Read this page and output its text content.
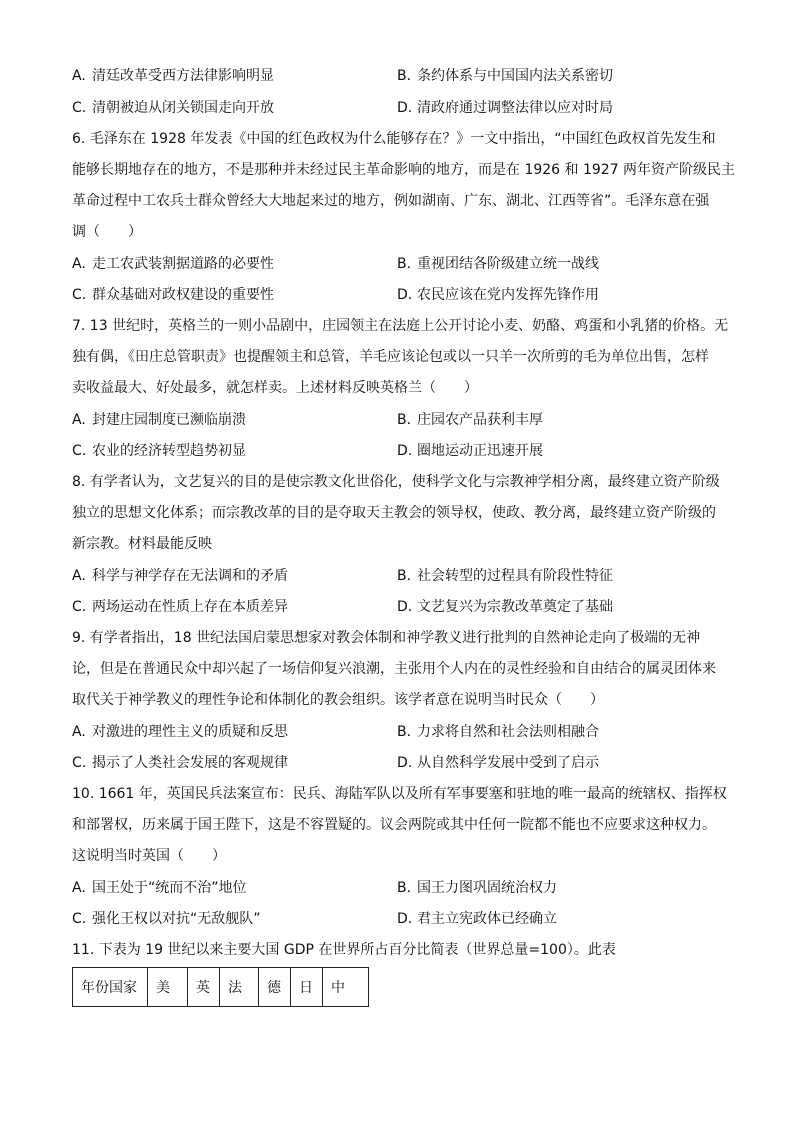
A. 清廷改革受西方法律影响明显	B. 条约体系与中国国内法关系密切
C. 清朝被迫从闭关锁国走向开放	D. 清政府通过调整法律以应对时局
6. 毛泽东在 1928 年发表《中国的红色政权为什么能够存在？》一文中指出，“中国红色政权首先发生和
能够长期地存在的地方，不是那种并未经过民主革命影响的地方，而是在 1926 和 1927 两年资产阶级民主
革命过程中工农兵士群众曾经大大地起来过的地方，例如湖南、广东、湖北、江西等省”。毛泽东意在强
调（　　）
A. 走工农武装割据道路的必要性	B. 重视团结各阶级建立统一战线
C. 群众基础对政权建设的重要性	D. 农民应该在党内发挥先锋作用
7. 13 世纪时，英格兰的一则小品剧中，庄园领主在法庭上公开讨论小麦、奶酪、鸡蛋和小乳猪的价格。无
独有偶，《田庄总管职责》也提醒领主和总管，羊毛应该论包或以一只羊一次所剪的毛为单位出售，怎样
卖收益最大、好处最多，就怎样卖。上述材料反映英格兰（　　）
A. 封建庄园制度已濒临崩溃	B. 庄园农产品获利丰厚
C. 农业的经济转型趋势初显	D. 圈地运动正迅速开展
8. 有学者认为，文艺复兴的目的是使宗教文化世俗化，使科学文化与宗教神学相分离，最终建立资产阶级
独立的思想文化体系；而宗教改革的目的是夺取天主教会的领导权，使政、教分离，最终建立资产阶级的
新宗教。材料最能反映
A. 科学与神学存在无法调和的矛盾	B. 社会转型的过程具有阶段性特征
C. 两场运动在性质上存在本质差异	D. 文艺复兴为宗教改革奠定了基础
9. 有学者指出，18 世纪法国启蒙思想家对教会体制和神学教义进行批判的自然神论走向了极端的无神
论，但是在普通民众中却兴起了一场信仰复兴浪潮，主张用个人内在的灵性经验和自由结合的属灵团体来
取代关于神学教义的理性争论和体制化的教会组织。该学者意在说明当时民众（　　）
A. 对激进的理性主义的质疑和反思	B. 力求将自然和社会法则相融合
C. 揭示了人类社会发展的客观规律	D. 从自然科学发展中受到了启示
10. 1661 年，英国民兵法案宣布：民兵、海陆军队以及所有军事要塞和驻地的唯一最高的统辖权、指挥权
和部署权，历来属于国王陛下，这是不容置疑的。议会两院或其中任何一院都不能也不应要求这种权力。
这说明当时英国（　　）
A. 国王处于“统而不治”地位	B. 国王力图巩固统治权力
C. 强化王权以对抗“无敌舰队”	D. 君主立宪政体已经确立
11. 下表为 19 世纪以来主要大国 GDP 在世界所占百分比简表（世界总量=100）。此表
年份国家	美	英	法	德	日	中
